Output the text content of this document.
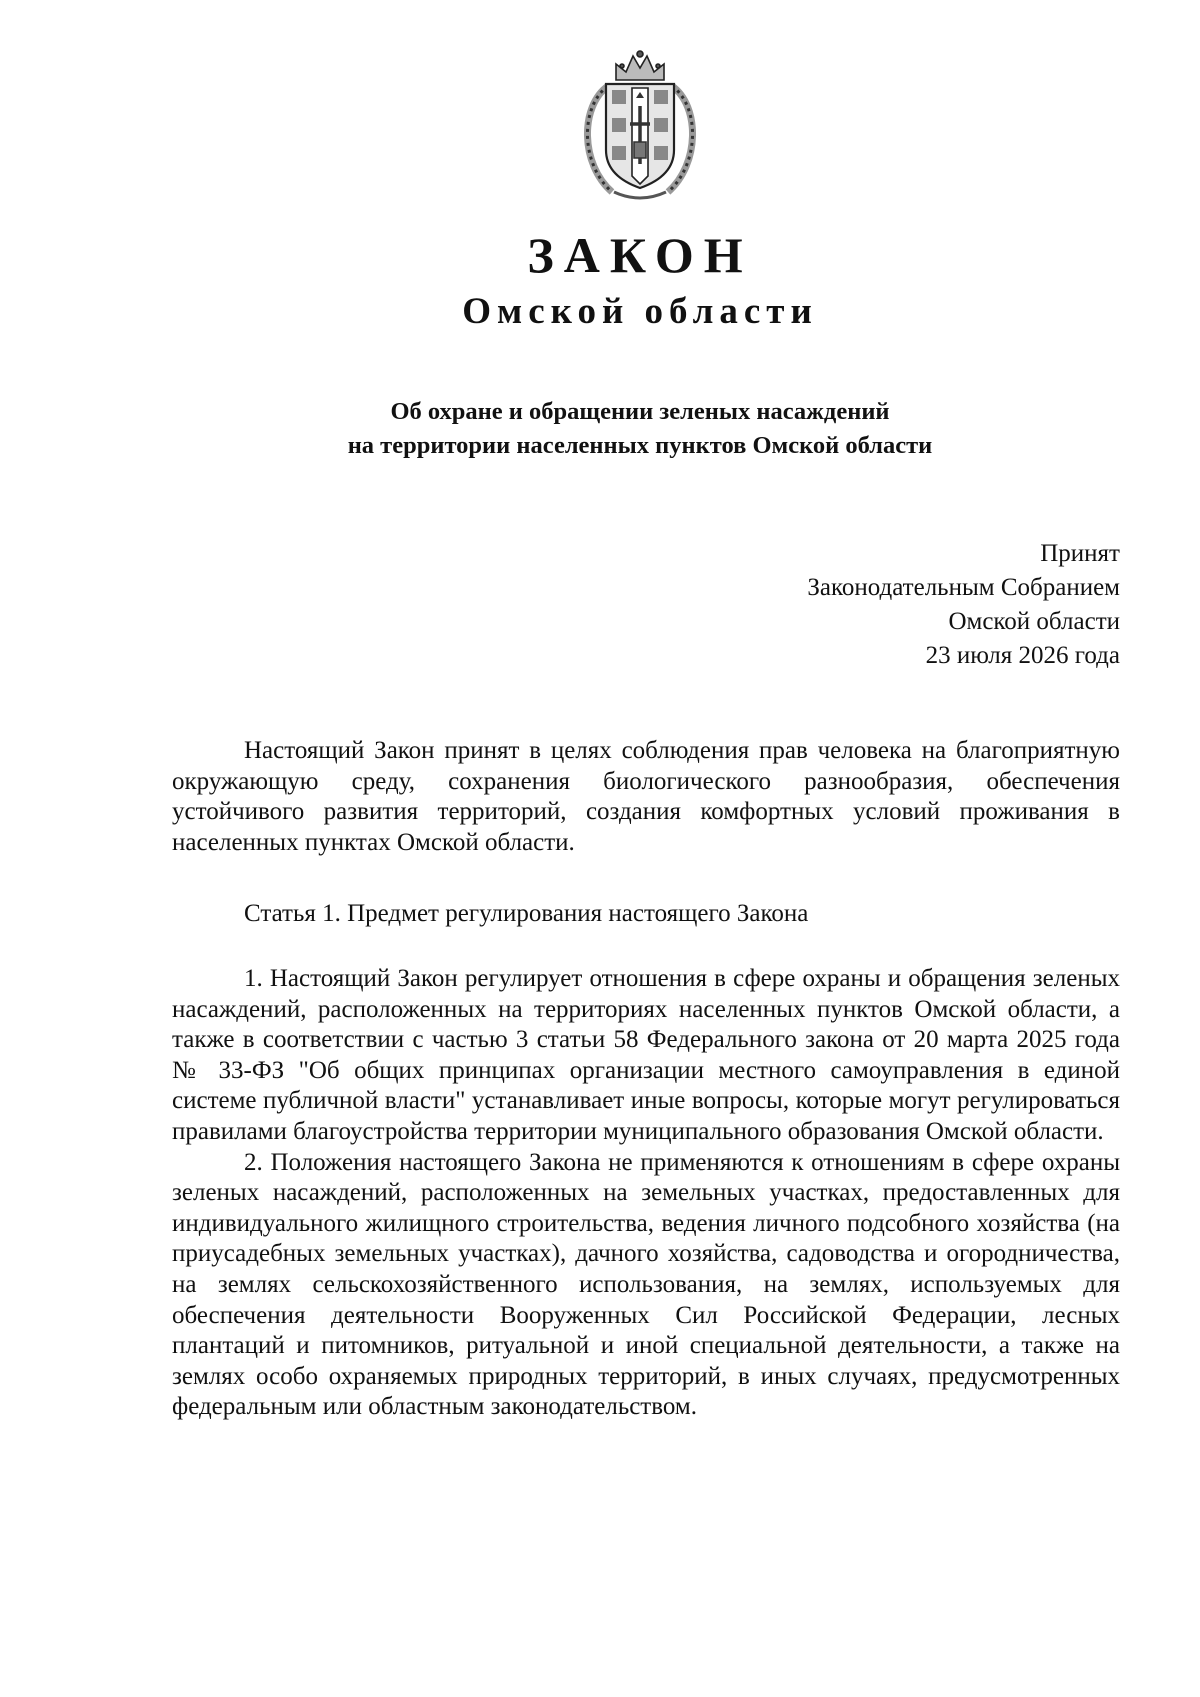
ЗАКОН
Омской области
Об охране и обращении зеленых насаждений
на территории населенных пунктов Омской области
Принят
Законодательным Собранием
Омской области
23 июля 2026 года

Настоящий Закон принят в целях соблюдения прав человека на благоприятную окружающую среду, сохранения биологического разнообразия, обеспечения устойчивого развития территорий, создания комфортных условий проживания в населенных пунктах Омской области.

Статья 1. Предмет регулирования настоящего Закона

1. Настоящий Закон регулирует отношения в сфере охраны и обращения зеленых насаждений, расположенных на территориях населенных пунктов Омской области, а также в соответствии с частью 3 статьи 58 Федерального закона от 20 марта 2025 года № 33-ФЗ "Об общих принципах организации местного самоуправления в единой системе публичной власти" устанавливает иные вопросы, которые могут регулироваться правилами благоустройства территории муниципального образования Омской области.

2. Положения настоящего Закона не применяются к отношениям в сфере охраны зеленых насаждений, расположенных на земельных участках, предоставленных для индивидуального жилищного строительства, ведения личного подсобного хозяйства (на приусадебных земельных участках), дачного хозяйства, садоводства и огородничества, на землях сельскохозяйственного использования, на землях, используемых для обеспечения деятельности Вооруженных Сил Российской Федерации, лесных плантаций и питомников, ритуальной и иной специальной деятельности, а также на землях особо охраняемых природных территорий, в иных случаях, предусмотренных федеральным или областным законодательством.
